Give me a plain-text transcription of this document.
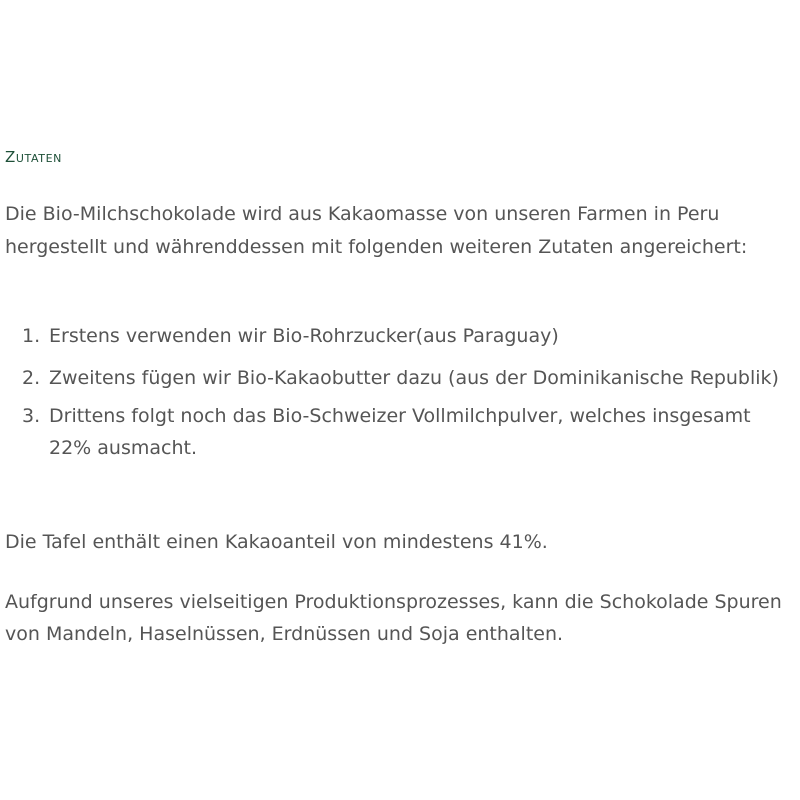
Zutaten

Die Bio-Milchschokolade wird aus Kakaomasse von unseren Farmen in Peru hergestellt und währenddessen mit folgenden weiteren Zutaten angereichert:

1. Erstens verwenden wir Bio-Rohrzucker(aus Paraguay)
2. Zweitens fügen wir Bio-Kakaobutter dazu (aus der Dominikanische Republik)
3. Drittens folgt noch das Bio-Schweizer Vollmilchpulver, welches insgesamt 22% ausmacht.

Die Tafel enthält einen Kakaoanteil von mindestens 41%.

Aufgrund unseres vielseitigen Produktionsprozesses, kann die Schokolade Spuren von Mandeln, Haselnüssen, Erdnüssen und Soja enthalten.
